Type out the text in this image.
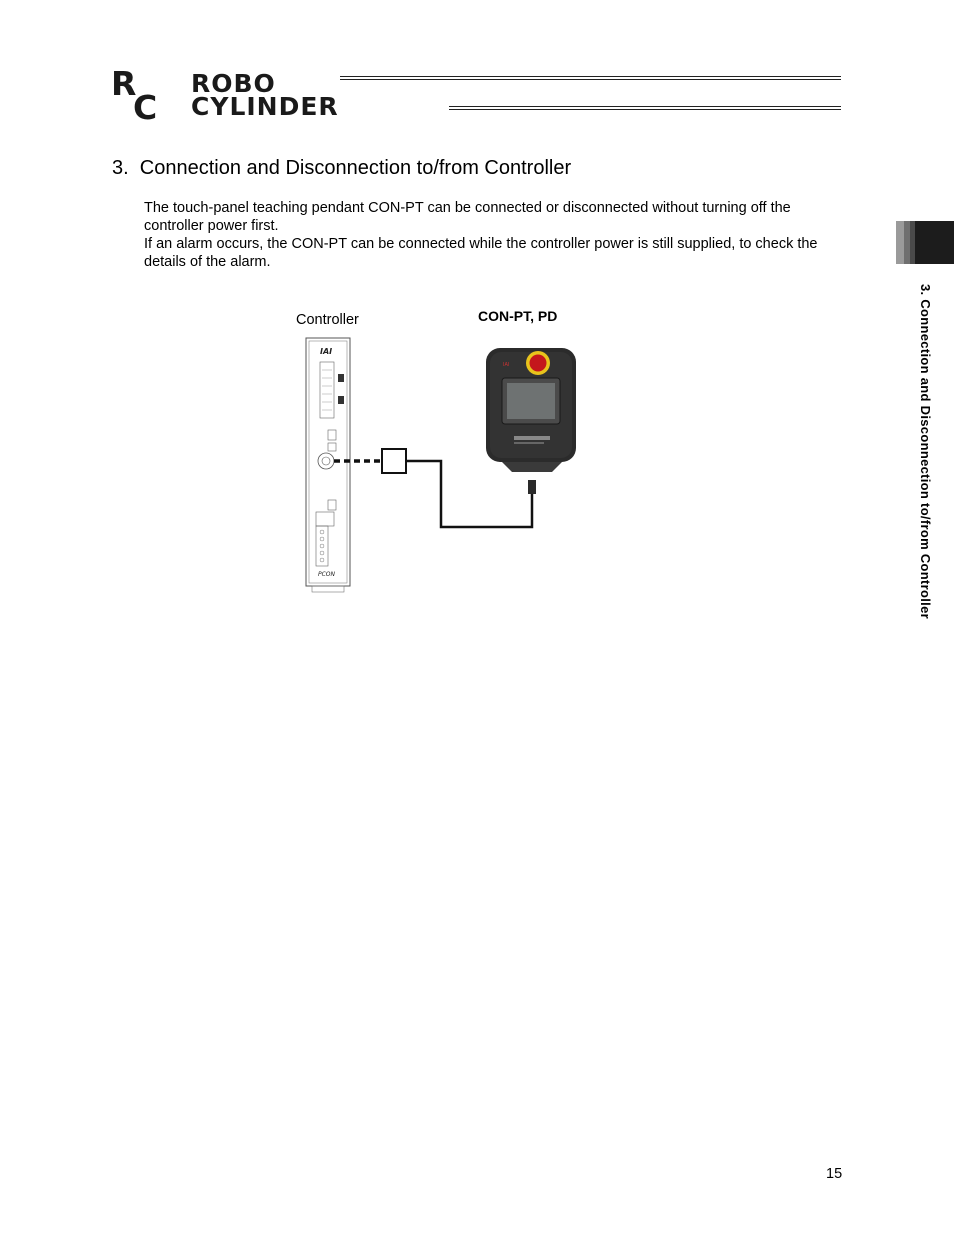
R
C
ROBO
CYLINDER
3.  Connection and Disconnection to/from Controller
The touch-panel teaching pendant CON-PT can be connected or disconnected without turning off the controller power first.
If an alarm occurs, the CON-PT can be connected while the controller power is still supplied, to check the details of the alarm.
3. Connection and Disconnection to/from Controller
Controller	CON-PT, PD
IAI
PCON
IAI
15
